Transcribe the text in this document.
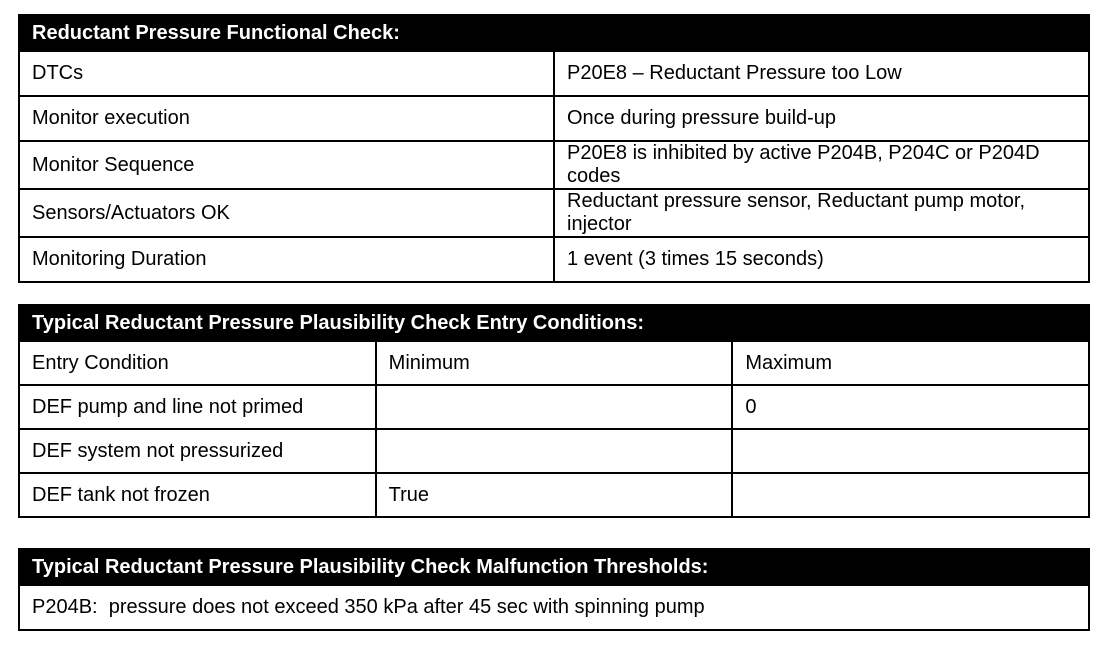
Reductant Pressure Functional Check:	
DTCs	P20E8 – Reductant Pressure too Low
Monitor execution	Once during pressure build-up
Monitor Sequence	P20E8 is inhibited by active P204B, P204C or P204D codes
Sensors/Actuators OK	Reductant pressure sensor, Reductant pump motor, injector
Monitoring Duration	1 event (3 times 15 seconds)
Typical Reductant Pressure Plausibility Check Entry Conditions:		
Entry Condition	Minimum	Maximum
DEF pump and line not primed		0
DEF system not pressurized		
DEF tank not frozen	True	
Typical Reductant Pressure Plausibility Check Malfunction Thresholds:
P204B:  pressure does not exceed 350 kPa after 45 sec with spinning pump
